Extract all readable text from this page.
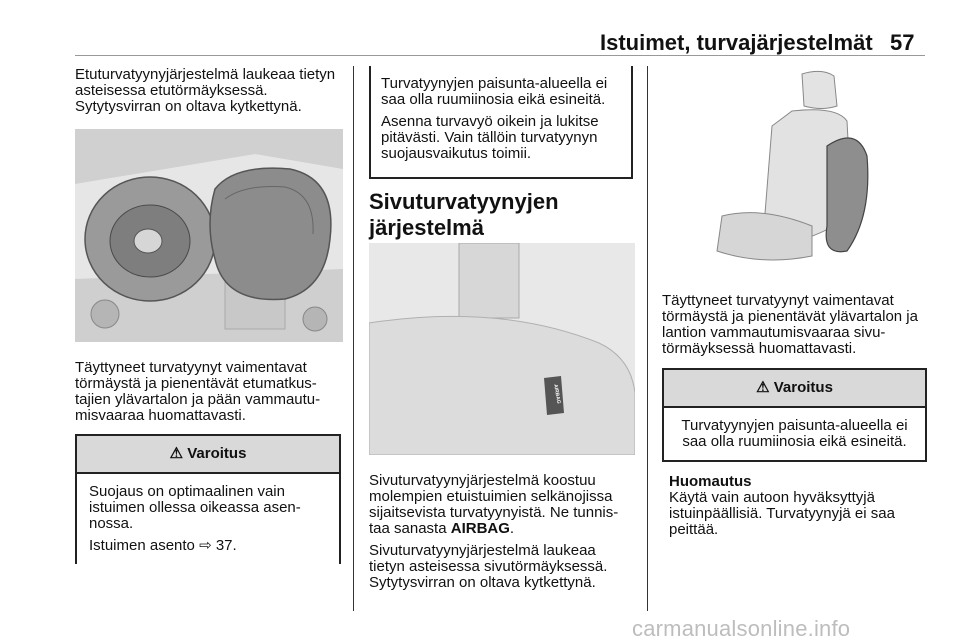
Istuimet, turvajärjestelmät 57

Etuturvatyynyjärjestelmä laukeaa tietyn asteisessa etutörmäyksessä. Sytytysvirran on oltava kytkettynä.

Täyttyneet turvatyynyt vaimentavat törmäystä ja pienentävät etumatkus-tajien ylävartalon ja pään vammautu-misvaaraa huomattavasti.

⚠ Varoitus

Suojaus on optimaalinen vain istuimen ollessa oikeassa asen-nossa.

Istuimen asento ⇨ 37.

Turvatyynyjen paisunta-alueella ei saa olla ruumiinosia eikä esineitä.

Asenna turvavyö oikein ja lukitse pitävästi. Vain tällöin turvatyynyn suojausvaikutus toimii.

Sivuturvatyynyjen järjestelmä
AIRBAG

Sivuturvatyynyjärjestelmä koostuu molempien etuistuimien selkänojissa sijaitsevista turvatyynyistä. Ne tunnis-taa sanasta AIRBAG.

Sivuturvatyynyjärjestelmä laukeaa tietyn asteisessa sivutörmäyksessä. Sytytysvirran on oltava kytkettynä.

Täyttyneet turvatyynyt vaimentavat törmäystä ja pienentävät ylävartalon ja lantion vammautumisvaaraa sivu-törmäyksessä huomattavasti.

⚠ Varoitus

Turvatyynyjen paisunta-alueella ei saa olla ruumiinosia eikä esineitä.

Huomautus
Käytä vain autoon hyväksyttyjä istuinpäällisiä. Turvatyynyjä ei saa peittää.
carmanualsonline.info
